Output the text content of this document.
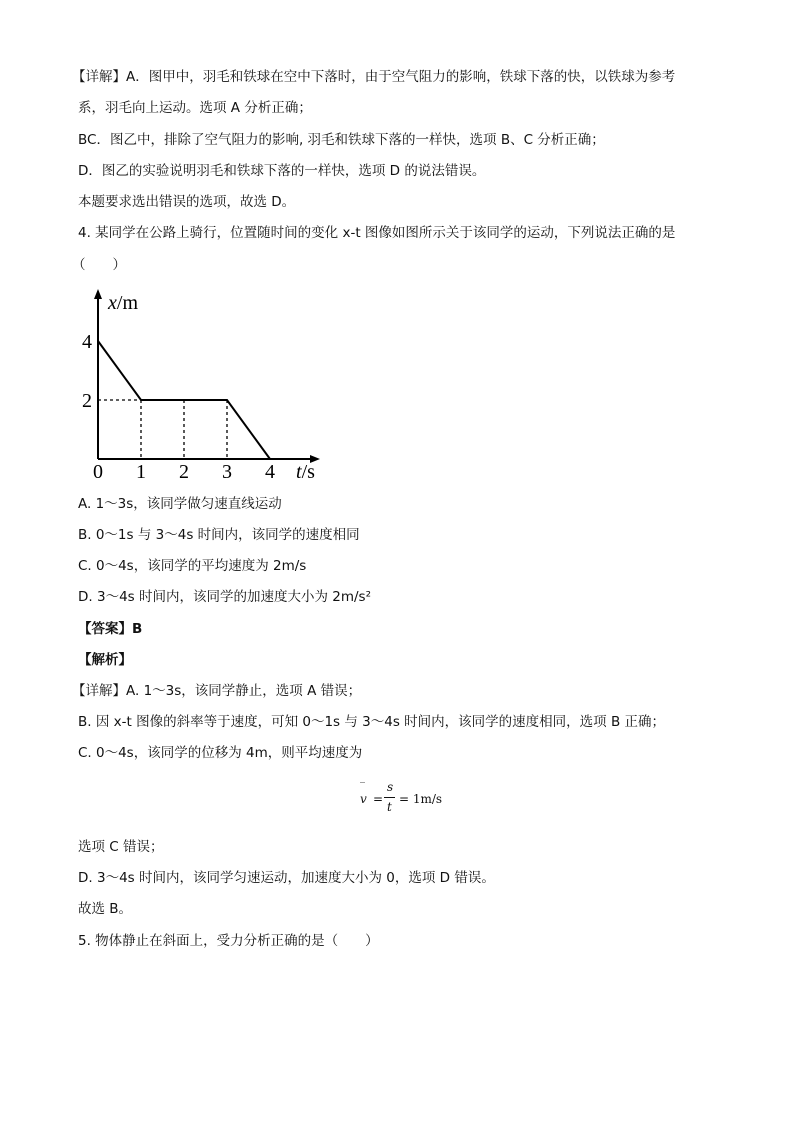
【详解】A．图甲中，羽毛和铁球在空中下落时，由于空气阻力的影响，铁球下落的快，以铁球为参考
系，羽毛向上运动。选项 A 分析正确；
BC．图乙中，排除了空气阻力的影响, 羽毛和铁球下落的一样快，选项 B、C 分析正确；
D．图乙的实验说明羽毛和铁球下落的一样快，选项 D 的说法错误。
本题要求选出错误的选项，故选 D。
4. 某同学在公路上骑行，位置随时间的变化 x-t 图像如图所示关于该同学的运动，下列说法正确的是
（　　）
x/m
t/s
0 1 2 3 4
2
4
A. 1～3s，该同学做匀速直线运动
B. 0～1s 与 3～4s 时间内，该同学的速度相同
C. 0～4s，该同学的平均速度为 2m/s
D. 3～4s 时间内，该同学的加速度大小为 2m/s²
【答案】B
【解析】
【详解】A. 1～3s，该同学静止，选项 A 错误；
B. 因 x-t 图像的斜率等于速度，可知 0～1s 与 3～4s 时间内，该同学的速度相同，选项 B 正确；
C. 0～4s，该同学的位移为 4m，则平均速度为
‾
v =
s
t
= 1m/s
选项 C 错误；
D. 3～4s 时间内，该同学匀速运动，加速度大小为 0，选项 D 错误。
故选 B。
5. 物体静止在斜面上，受力分析正确的是（　　）
